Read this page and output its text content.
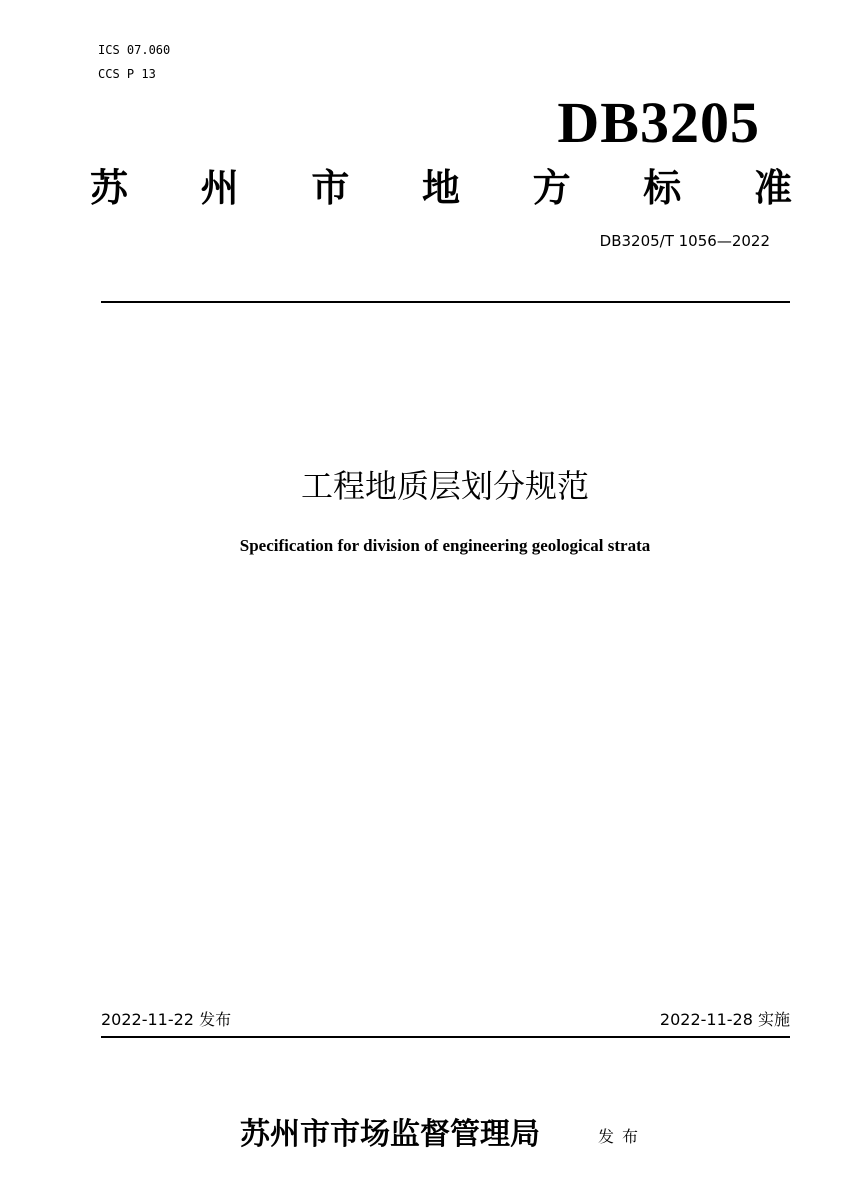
ICS 07.060
CCS P 13
DB3205
苏 州 市 地 方 标 准
DB3205/T 1056—2022
工程地质层划分规范
Specification for division of engineering geological strata
2022-11-22 发布	2022-11-28 实施
苏州市市场监督管理局	发布
